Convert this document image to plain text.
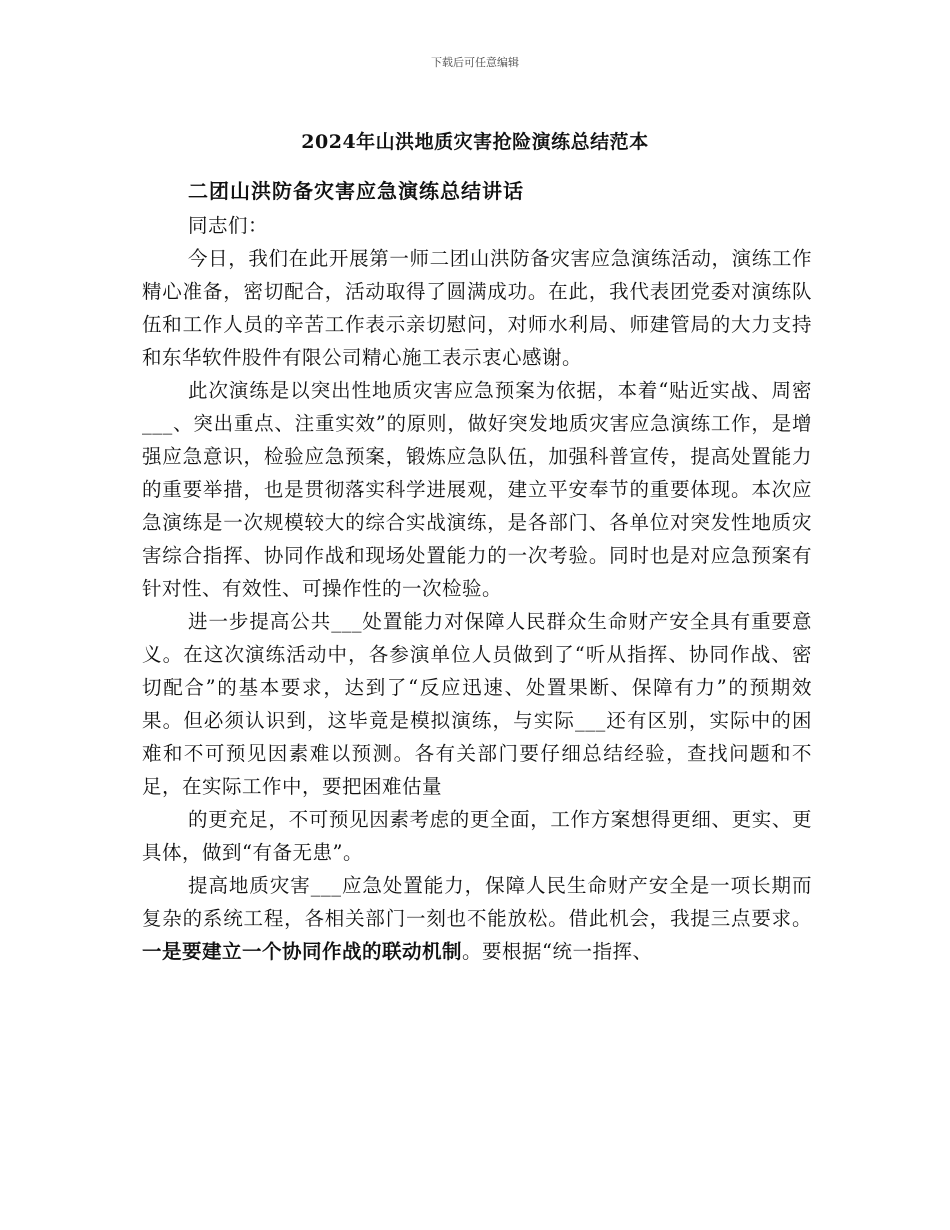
下载后可任意编辑
2024年山洪地质灾害抢险演练总结范本
二团山洪防备灾害应急演练总结讲话

同志们：

今日，我们在此开展第一师二团山洪防备灾害应急演练活动，演练工作精心准备，密切配合，活动取得了圆满成功。在此，我代表团党委对演练队伍和工作人员的辛苦工作表示亲切慰问，对师水利局、师建管局的大力支持和东华软件股件有限公司精心施工表示衷心感谢。

此次演练是以突出性地质灾害应急预案为依据，本着“贴近实战、周密___、突出重点、注重实效”的原则，做好突发地质灾害应急演练工作，是增强应急意识，检验应急预案，锻炼应急队伍，加强科普宣传，提高处置能力的重要举措，也是贯彻落实科学进展观，建立平安奉节的重要体现。本次应急演练是一次规模较大的综合实战演练，是各部门、各单位对突发性地质灾害综合指挥、协同作战和现场处置能力的一次考验。同时也是对应急预案有针对性、有效性、可操作性的一次检验。

进一步提高公共___处置能力对保障人民群众生命财产安全具有重要意义。在这次演练活动中，各参演单位人员做到了“听从指挥、协同作战、密切配合”的基本要求，达到了“反应迅速、处置果断、保障有力”的预期效果。但必须认识到，这毕竟是模拟演练，与实际___还有区别，实际中的困难和不可预见因素难以预测。各有关部门要仔细总结经验，查找问题和不足，在实际工作中，要把困难估量

的更充足，不可预见因素考虑的更全面，工作方案想得更细、更实、更具体，做到“有备无患”。

提高地质灾害___应急处置能力，保障人民生命财产安全是一项长期而复杂的系统工程，各相关部门一刻也不能放松。借此机会，我提三点要求。一是要建立一个协同作战的联动机制。要根据“统一指挥、
